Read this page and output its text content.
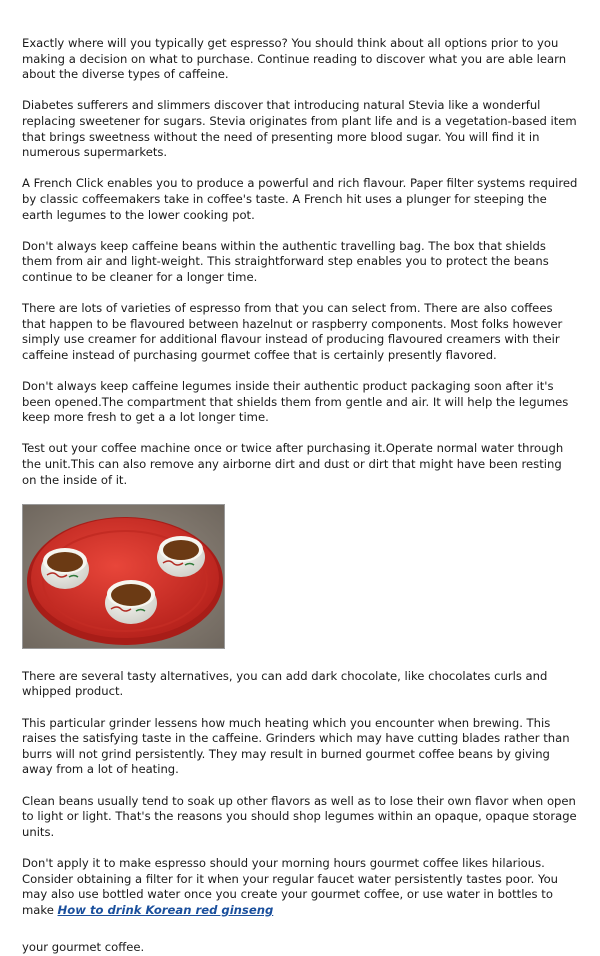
Exactly where will you typically get espresso? You should think about all options prior to you making a decision on what to purchase. Continue reading to discover what you are able learn about the diverse types of caffeine.

Diabetes sufferers and slimmers discover that introducing natural Stevia like a wonderful replacing sweetener for sugars. Stevia originates from plant life and is a vegetation-based item that brings sweetness without the need of presenting more blood sugar. You will find it in numerous supermarkets.

A French Click enables you to produce a powerful and rich flavour. Paper filter systems required by classic coffeemakers take in coffee's taste. A French hit uses a plunger for steeping the earth legumes to the lower cooking pot.

Don't always keep caffeine beans within the authentic travelling bag. The box that shields them from air and light-weight. This straightforward step enables you to protect the beans continue to be cleaner for a longer time.

There are lots of varieties of espresso from that you can select from. There are also coffees that happen to be flavoured between hazelnut or raspberry components. Most folks however simply use creamer for additional flavour instead of producing flavoured creamers with their caffeine instead of purchasing gourmet coffee that is certainly presently flavored.

Don't always keep caffeine legumes inside their authentic product packaging soon after it's been opened.The compartment that shields them from gentle and air. It will help the legumes keep more fresh to get a a lot longer time.

Test out your coffee machine once or twice after purchasing it.Operate normal water through the unit.This can also remove any airborne dirt and dust or dirt that might have been resting on the inside of it.

There are several tasty alternatives, you can add dark chocolate, like chocolates curls and whipped product.

This particular grinder lessens how much heating which you encounter when brewing. This raises the satisfying taste in the caffeine. Grinders which may have cutting blades rather than burrs will not grind persistently. They may result in burned gourmet coffee beans by giving away from a lot of heating.

Clean beans usually tend to soak up other flavors as well as to lose their own flavor when open to light or light. That's the reasons you should shop legumes within an opaque, opaque storage units.

Don't apply it to make espresso should your morning hours gourmet coffee likes hilarious. Consider obtaining a filter for it when your regular faucet water persistently tastes poor. You may also use bottled water once you create your gourmet coffee, or use water in bottles to make How to drink Korean red ginseng

your gourmet coffee.
